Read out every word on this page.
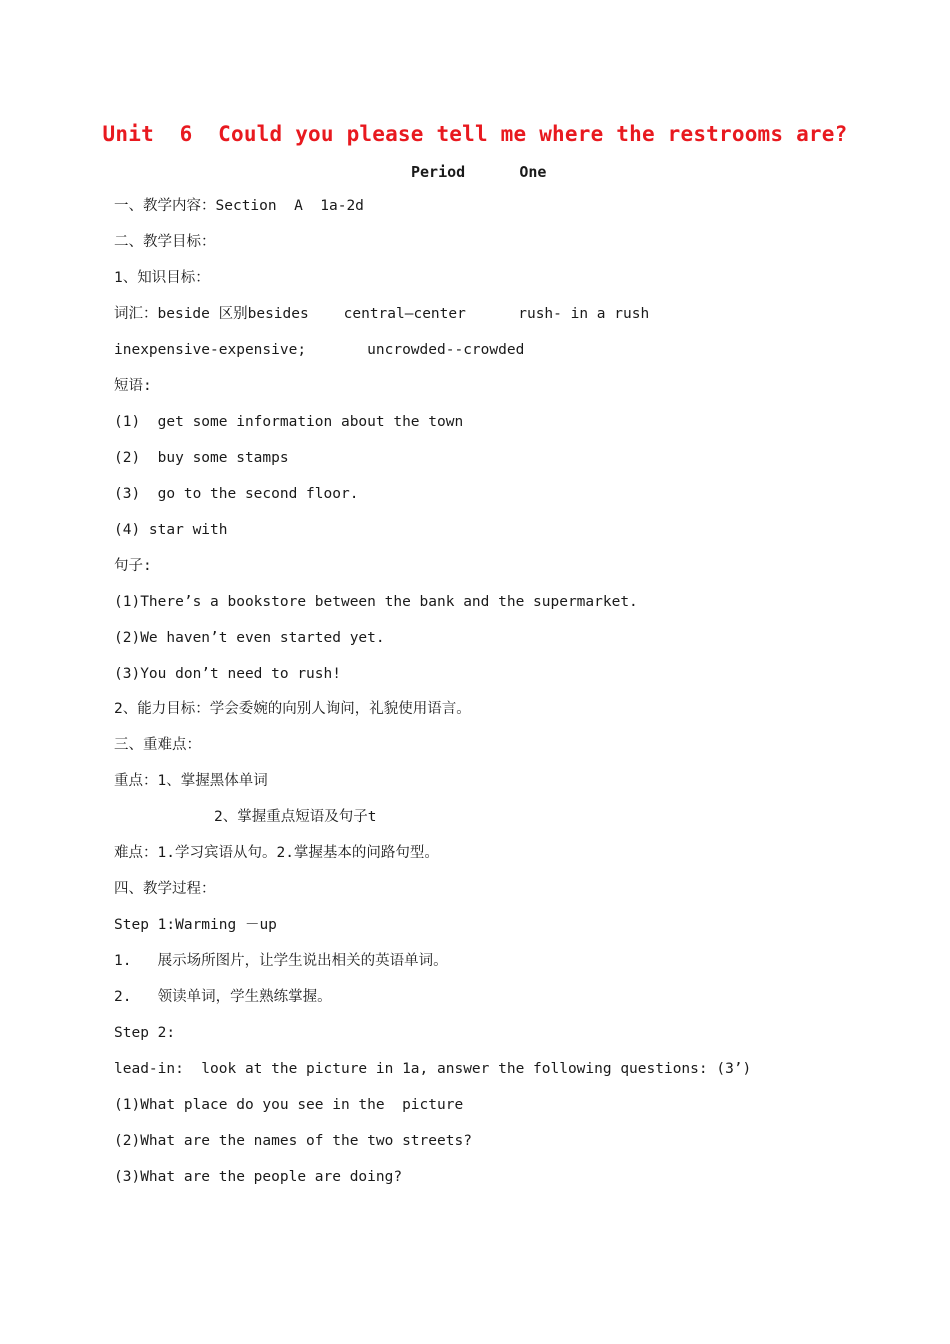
Unit  6  Could you please tell me where the restrooms are?
Period      One
一、教学内容：Section  A  1a-2d
二、教学目标：
1、知识目标：
词汇：beside 区别besides    central—center      rush- in a rush
inexpensive-expensive;       uncrowded--crowded
短语:
(1)  get some information about the town
(2)  buy some stamps
(3)  go to the second floor.
(4) star with
句子:
(1)There’s a bookstore between the bank and the supermarket.
(2)We haven’t even started yet.
(3)You don’t need to rush!
2、能力目标：学会委婉的向别人询问，礼貌使用语言。
三、重难点：
重点：1、掌握黑体单词
2、掌握重点短语及句子t
难点：1.学习宾语从句。2.掌握基本的问路句型。
四、教学过程：
Step 1:Warming －up
1.   展示场所图片，让学生说出相关的英语单词。
2.   领读单词，学生熟练掌握。
Step 2:
lead-in:  look at the picture in 1a, answer the following questions: (3’)
(1)What place do you see in the  picture
(2)What are the names of the two streets?
(3)What are the people are doing?
